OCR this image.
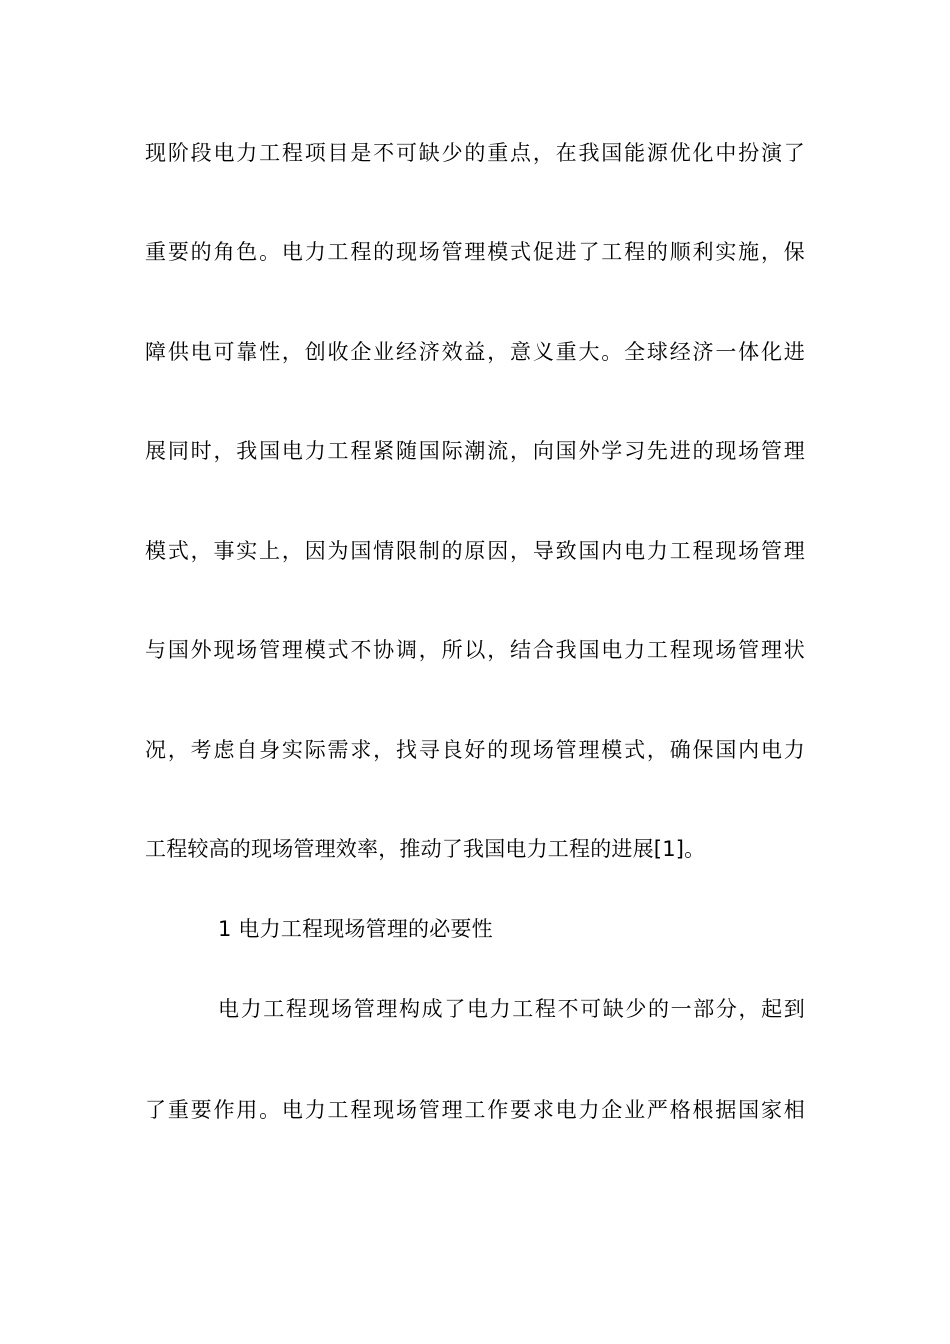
现阶段电力工程项目是不可缺少的重点，在我国能源优化中扮演了
重要的角色。电力工程的现场管理模式促进了工程的顺利实施，保
障供电可靠性，创收企业经济效益，意义重大。全球经济一体化进
展同时，我国电力工程紧随国际潮流，向国外学习先进的现场管理
模式，事实上，因为国情限制的原因，导致国内电力工程现场管理
与国外现场管理模式不协调，所以，结合我国电力工程现场管理状
况，考虑自身实际需求，找寻良好的现场管理模式，确保国内电力
工程较高的现场管理效率，推动了我国电力工程的进展[1]。
1 电力工程现场管理的必要性
电力工程现场管理构成了电力工程不可缺少的一部分，起到
了重要作用。电力工程现场管理工作要求电力企业严格根据国家相
